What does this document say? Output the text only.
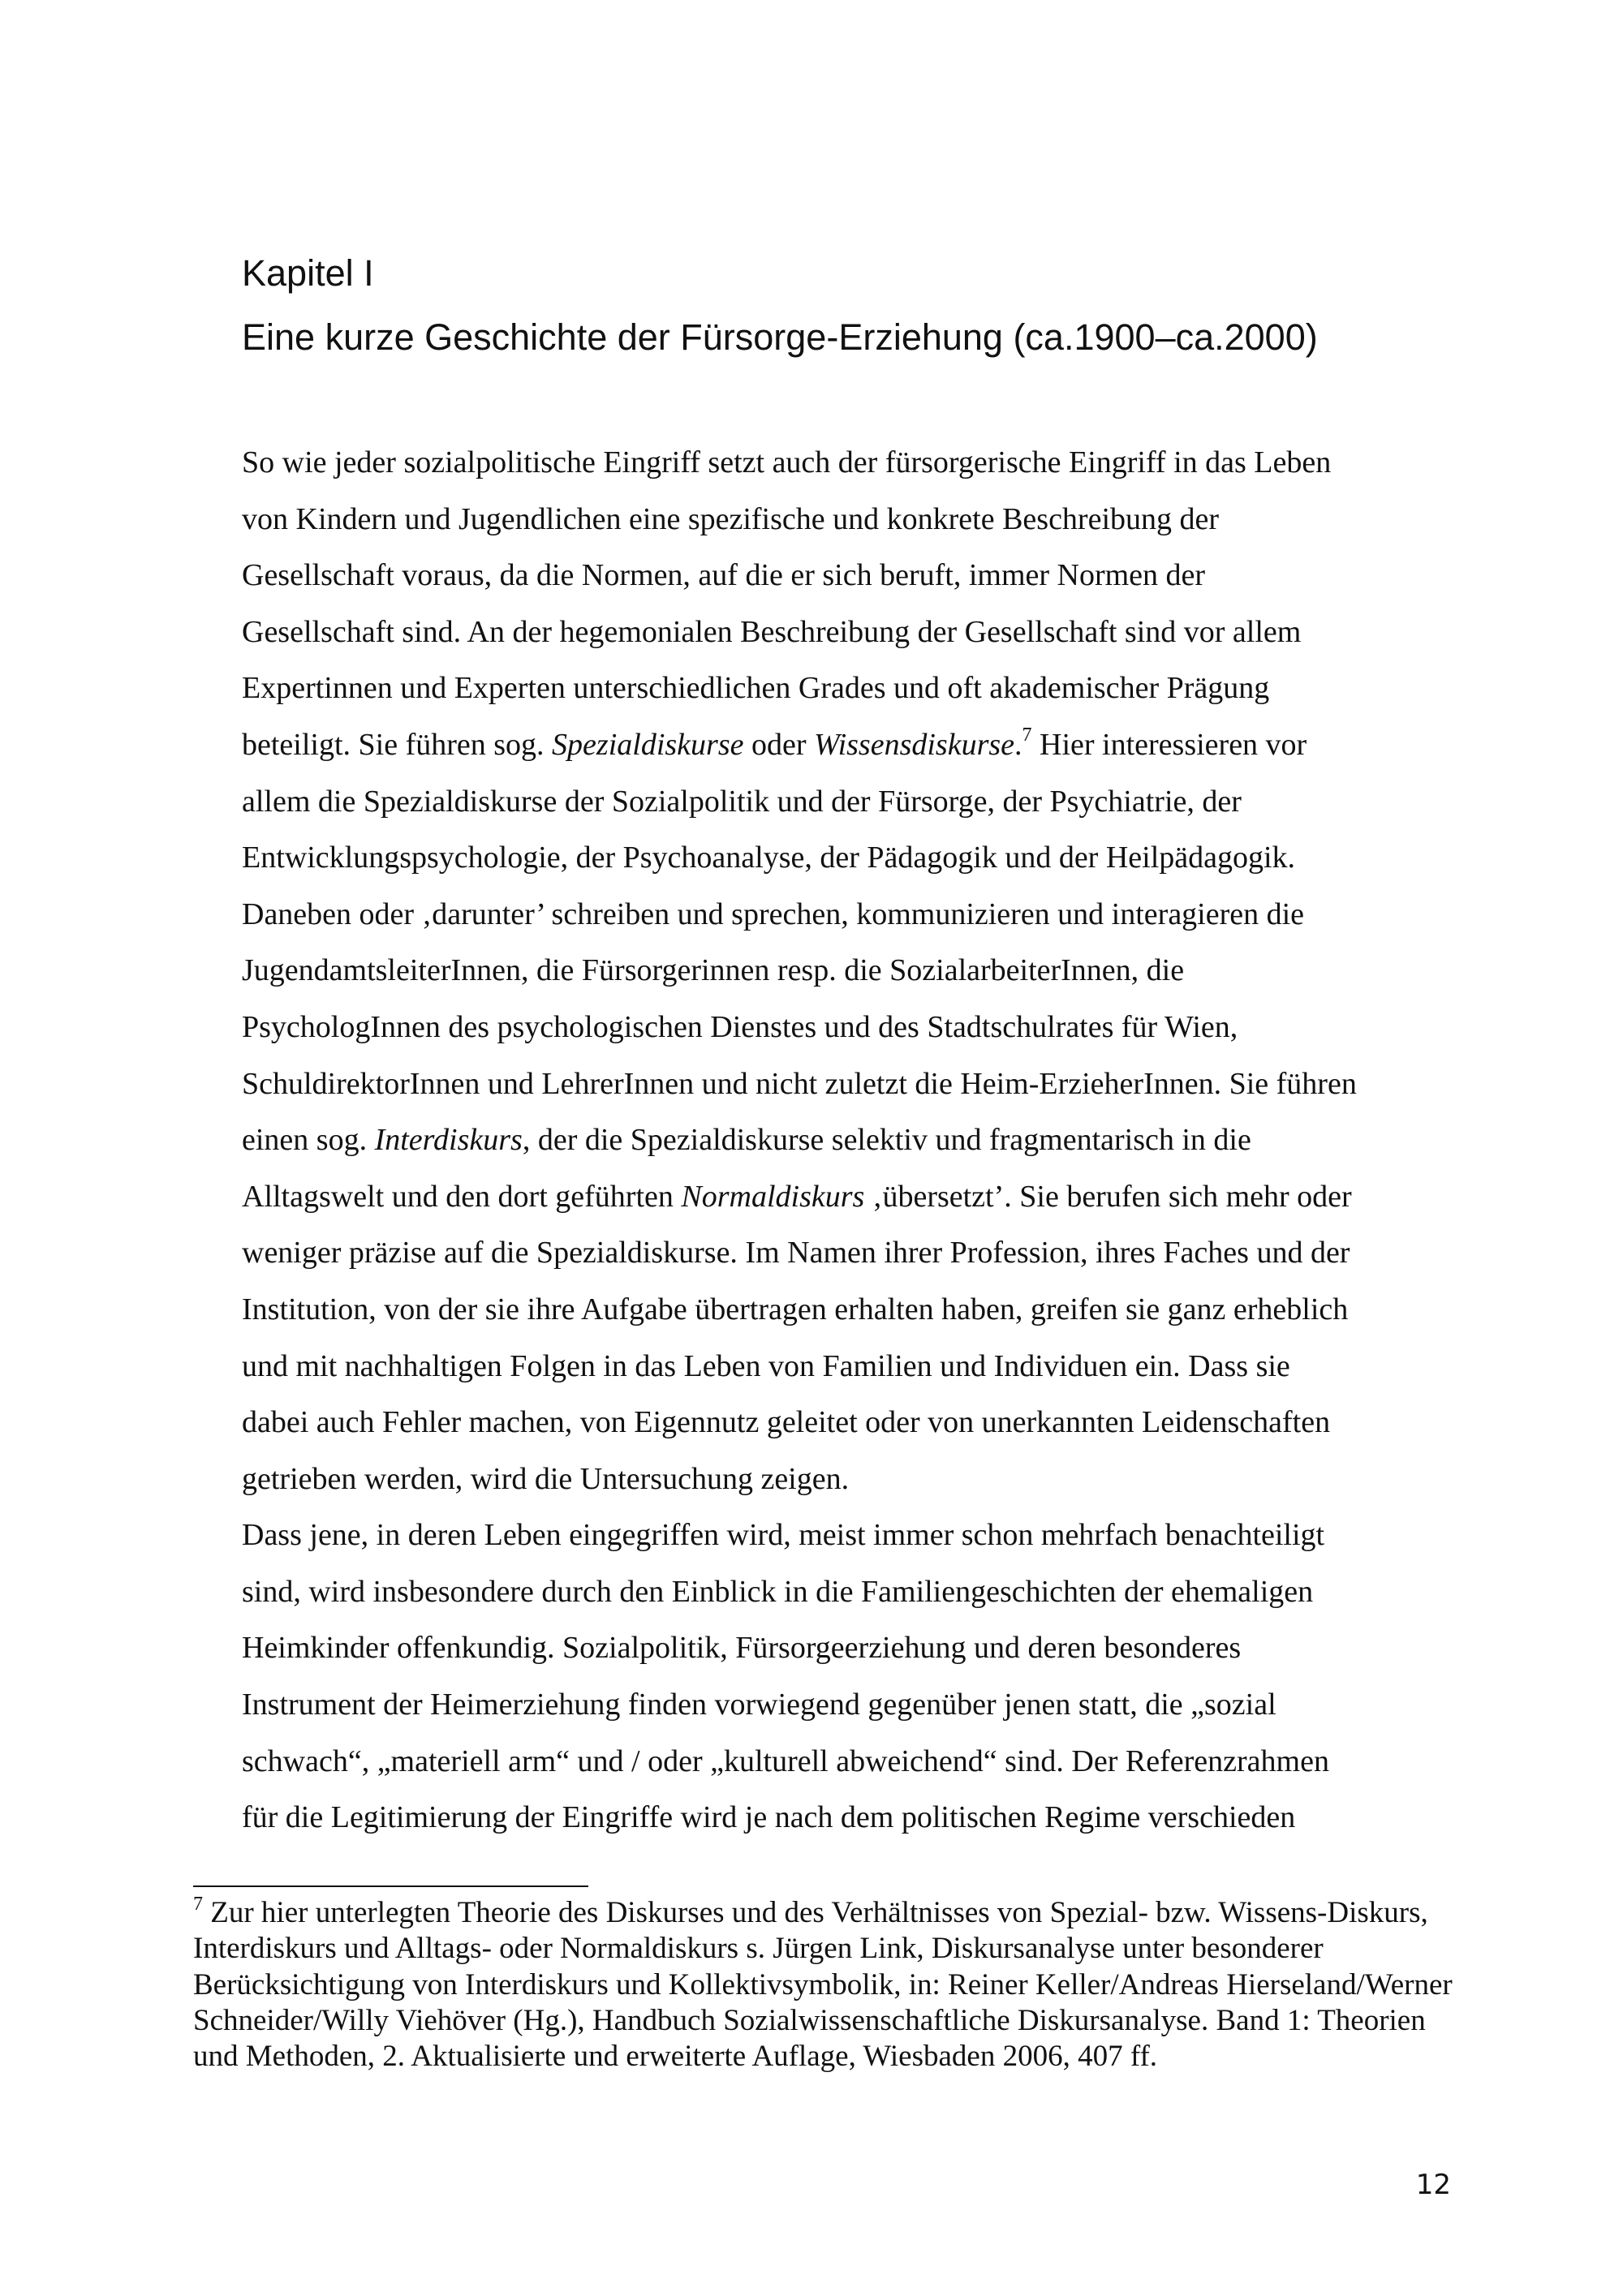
Kapitel I
Eine kurze Geschichte der Fürsorge-Erziehung (ca.1900–ca.2000)
So wie jeder sozialpolitische Eingriff setzt auch der fürsorgerische Eingriff in das Leben
von Kindern und Jugendlichen eine spezifische und konkrete Beschreibung der
Gesellschaft voraus, da die Normen, auf die er sich beruft, immer Normen der
Gesellschaft sind. An der hegemonialen Beschreibung der Gesellschaft sind vor allem
Expertinnen und Experten unterschiedlichen Grades und oft akademischer Prägung
beteiligt. Sie führen sog. Spezialdiskurse oder Wissensdiskurse.$^7$ Hier interessieren vor
allem die Spezialdiskurse der Sozialpolitik und der Fürsorge, der Psychiatrie, der
Entwicklungspsychologie, der Psychoanalyse, der Pädagogik und der Heilpädagogik.
Daneben oder ‚darunter’ schreiben und sprechen, kommunizieren und interagieren die
JugendamtsleiterInnen, die Fürsorgerinnen resp. die SozialarbeiterInnen, die
PsychologInnen des psychologischen Dienstes und des Stadtschulrates für Wien,
SchuldirektorInnen und LehrerInnen und nicht zuletzt die Heim-ErzieherInnen. Sie führen
einen sog. Interdiskurs, der die Spezialdiskurse selektiv und fragmentarisch in die
Alltagswelt und den dort geführten Normaldiskurs ‚übersetzt’. Sie berufen sich mehr oder
weniger präzise auf die Spezialdiskurse. Im Namen ihrer Profession, ihres Faches und der
Institution, von der sie ihre Aufgabe übertragen erhalten haben, greifen sie ganz erheblich
und mit nachhaltigen Folgen in das Leben von Familien und Individuen ein. Dass sie
dabei auch Fehler machen, von Eigennutz geleitet oder von unerkannten Leidenschaften
getrieben werden, wird die Untersuchung zeigen.
Dass jene, in deren Leben eingegriffen wird, meist immer schon mehrfach benachteiligt
sind, wird insbesondere durch den Einblick in die Familiengeschichten der ehemaligen
Heimkinder offenkundig. Sozialpolitik, Fürsorgeerziehung und deren besonderes
Instrument der Heimerziehung finden vorwiegend gegenüber jenen statt, die „sozial
schwach“, „materiell arm“ und / oder „kulturell abweichend“ sind. Der Referenzrahmen
für die Legitimierung der Eingriffe wird je nach dem politischen Regime verschieden
$^7$ Zur hier unterlegten Theorie des Diskurses und des Verhältnisses von Spezial- bzw. Wissens-Diskurs, Interdiskurs und Alltags- oder Normaldiskurs s. Jürgen Link, Diskursanalyse unter besonderer Berücksichtigung von Interdiskurs und Kollektivsymbolik, in: Reiner Keller/Andreas Hierseland/Werner Schneider/Willy Viehöver (Hg.), Handbuch Sozialwissenschaftliche Diskursanalyse. Band 1: Theorien und Methoden, 2. Aktualisierte und erweiterte Auflage, Wiesbaden 2006, 407 ff.
12
